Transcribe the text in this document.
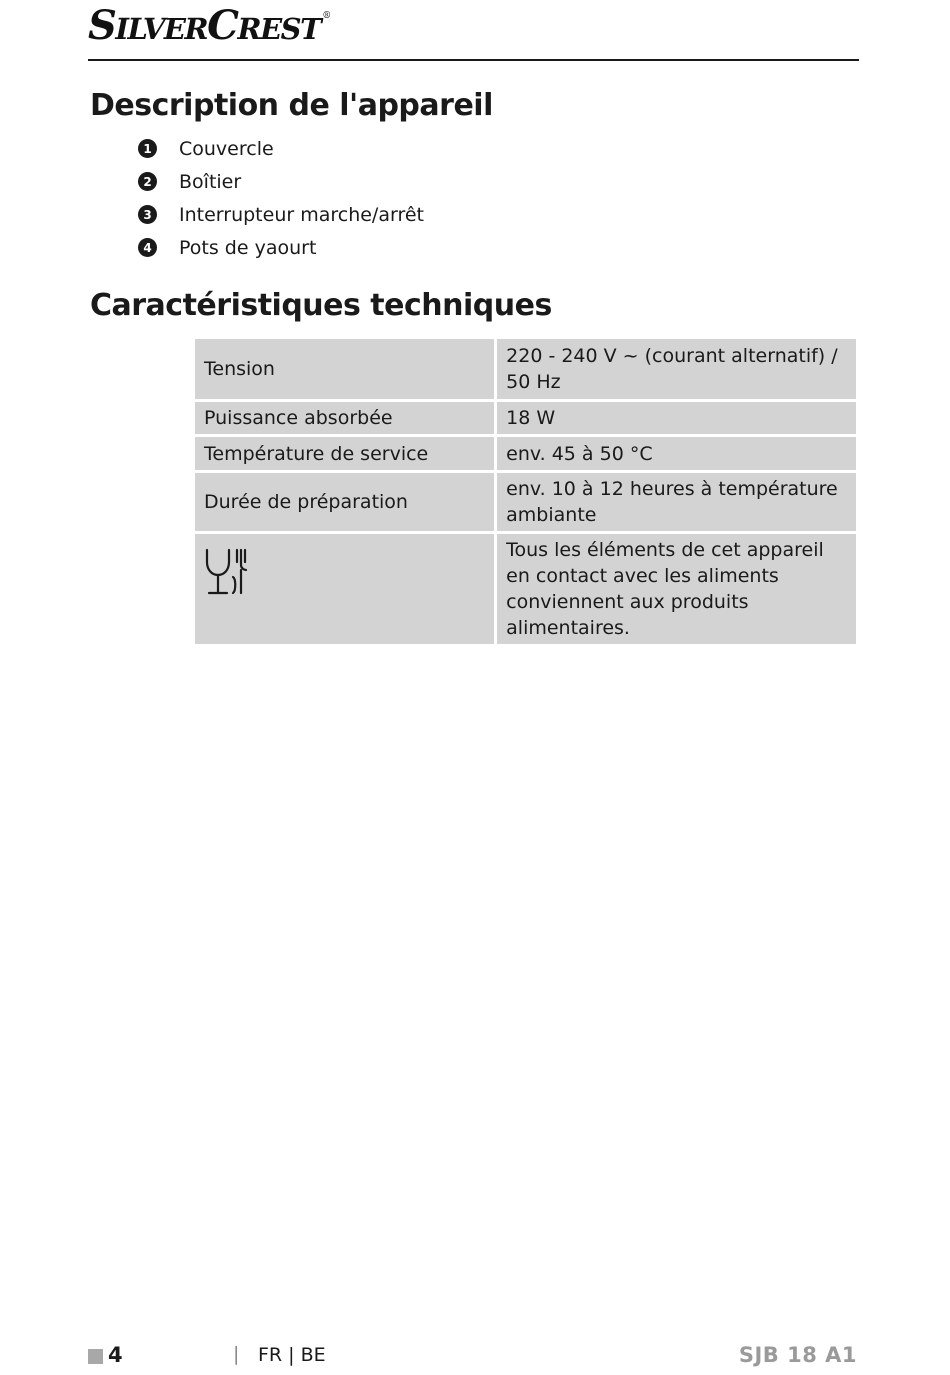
SILVERCREST ®
Description de l'appareil
1 Couvercle
2 Boîtier
3 Interrupteur marche/arrêt
4 Pots de yaourt
Caractéristiques techniques
Tension	220 - 240 V ~ (courant alternatif) / 50 Hz
Puissance absorbée	18 W
Température de service	env. 45 à 50 °C
Durée de préparation	env. 10 à 12 heures à température ambiante
	Tous les éléments de cet appareil en contact avec les aliments conviennent aux produits alimentaires.
4	| FR | BE	SJB 18 A1
